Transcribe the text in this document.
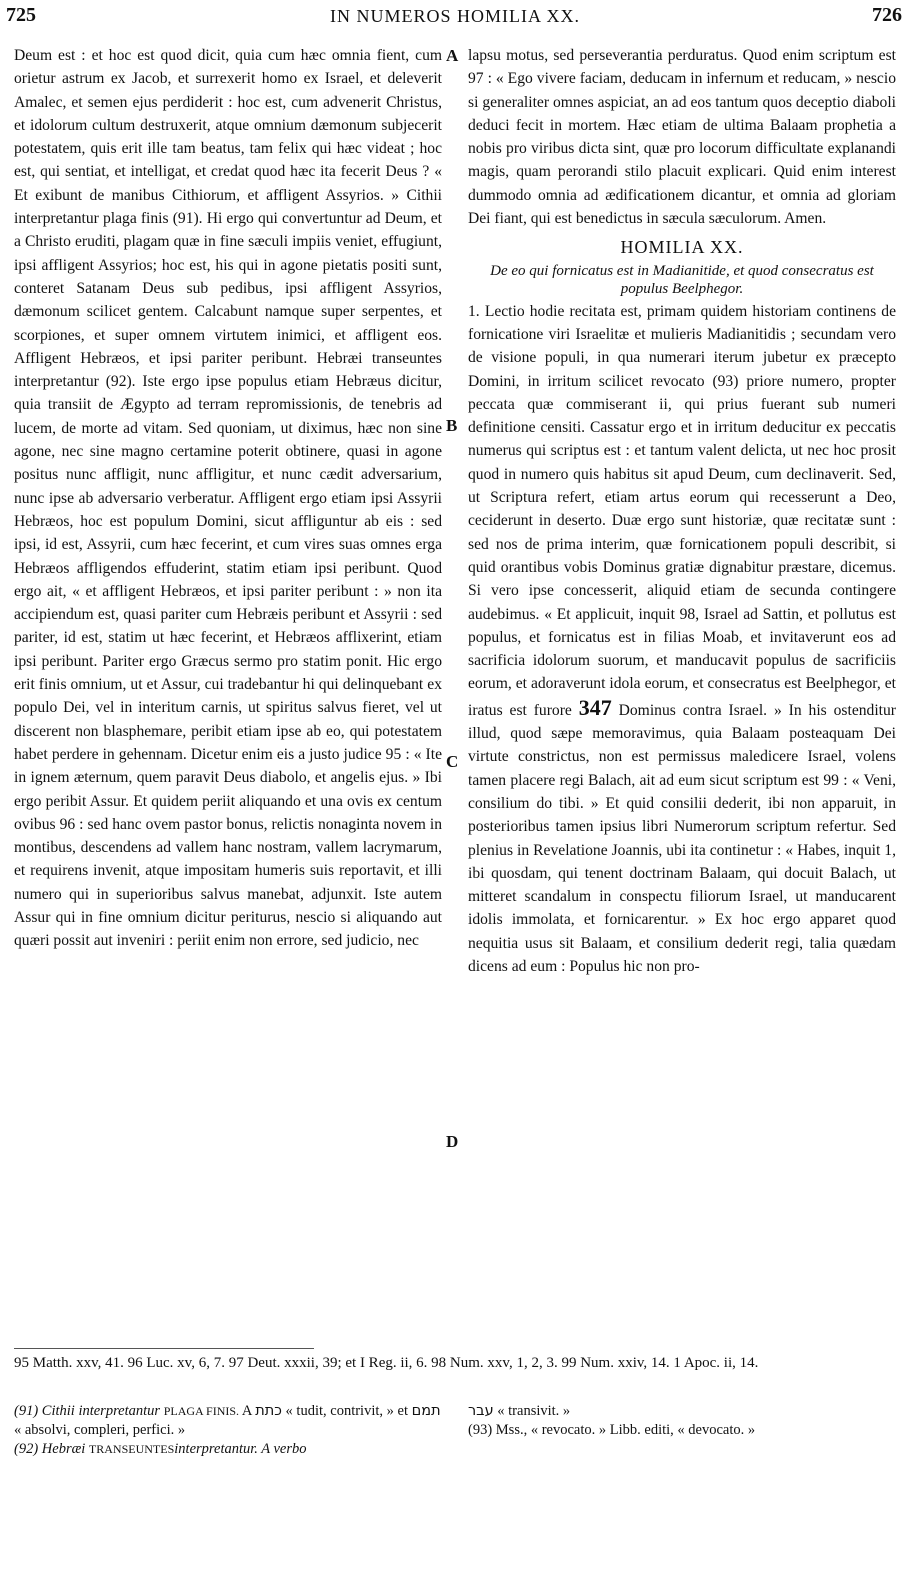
725	IN NUMEROS HOMILIA XX.	726

Deum est : et hoc est quod dicit, quia cum hæc omnia fient, cum orietur astrum ex Jacob, et surrexerit homo ex Israel, et deleverit Amalec, et semen ejus perdiderit : hoc est, cum advenerit Christus, et idolorum cultum destruxerit, atque omnium dæmonum subjecerit potestatem, quis erit ille tam beatus, tam felix qui hæc videat ; hoc est, qui sentiat, et intelligat, et credat quod hæc ita fecerit Deus ? « Et exibunt de manibus Cithiorum, et affligent Assyrios. » Cithii interpretantur plaga finis (91). Hi ergo qui convertuntur ad Deum, et a Christo eruditi, plagam quæ in fine sæculi impiis veniet, effugiunt, ipsi affligent Assyrios; hoc est, his qui in agone pietatis positi sunt, conteret Satanam Deus sub pedibus, ipsi affligent Assyrios, dæmonum scilicet gentem. Calcabunt namque super serpentes, et scorpiones, et super omnem virtutem inimici, et affligent eos. Affligent Hebræos, et ipsi pariter peribunt. Hebræi transeuntes interpretantur (92). Iste ergo ipse populus etiam Hebræus dicitur, quia transiit de Ægypto ad terram repromissionis, de tenebris ad lucem, de morte ad vitam. Sed quoniam, ut diximus, hæc non sine agone, nec sine magno certamine poterit obtinere, quasi in agone positus nunc affligit, nunc affligitur, et nunc cædit adversarium, nunc ipse ab adversario verberatur. Affligent ergo etiam ipsi Assyrii Hebræos, hoc est populum Domini, sicut affliguntur ab eis : sed ipsi, id est, Assyrii, cum hæc fecerint, et cum vires suas omnes erga Hebræos affligendos effuderint, statim etiam ipsi peribunt. Quod ergo ait, « et affligent Hebræos, et ipsi pariter peribunt : » non ita accipiendum est, quasi pariter cum Hebræis peribunt et Assyrii : sed pariter, id est, statim ut hæc fecerint, et Hebræos afflixerint, etiam ipsi peribunt. Pariter ergo Græcus sermo pro statim ponit. Hic ergo erit finis omnium, ut et Assur, cui tradebantur hi qui delinquebant ex populo Dei, vel in interitum carnis, ut spiritus salvus fieret, vel ut discerent non blasphemare, peribit etiam ipse ab eo, qui potestatem habet perdere in gehennam. Dicetur enim eis a justo judice 95 : « Ite in ignem æternum, quem paravit Deus diabolo, et angelis ejus. » Ibi ergo peribit Assur. Et quidem periit aliquando et una ovis ex centum ovibus 96 : sed hanc ovem pastor bonus, relictis nonaginta novem in montibus, descendens ad vallem hanc nostram, vallem lacrymarum, et requirens invenit, atque impositam humeris suis reportavit, et illi numero qui in superioribus salvus manebat, adjunxit. Iste autem Assur qui in fine omnium dicitur periturus, nescio si aliquando aut quæri possit aut inveniri : periit enim non errore, sed judicio, nec

A
B
C
D

lapsu motus, sed perseverantia perduratus. Quod enim scriptum est 97 : « Ego vivere faciam, deducam in infernum et reducam, » nescio si generaliter omnes aspiciat, an ad eos tantum quos deceptio diaboli deduci fecit in mortem. Hæc etiam de ultima Balaam prophetia a nobis pro viribus dicta sint, quæ pro locorum difficultate explanandi magis, quam perorandi stilo placuit explicari. Quid enim interest dummodo omnia ad ædificationem dicantur, et omnia ad gloriam Dei fiant, qui est benedictus in sæcula sæculorum. Amen.

HOMILIA XX.
De eo qui fornicatus est in Madianitide, et quod consecratus est populus Beelphegor.

1. Lectio hodie recitata est, primam quidem historiam continens de fornicatione viri Israelitæ et mulieris Madianitidis ; secundam vero de visione populi, in qua numerari iterum jubetur ex præcepto Domini, in irritum scilicet revocato (93) priore numero, propter peccata quæ commiserant ii, qui prius fuerant sub numeri definitione censiti. Cassatur ergo et in irritum deducitur ex peccatis numerus qui scriptus est : et tantum valent delicta, ut nec hoc prosit quod in numero quis habitus sit apud Deum, cum declinaverit. Sed, ut Scriptura refert, etiam artus eorum qui recesserunt a Deo, ceciderunt in deserto. Duæ ergo sunt historiæ, quæ recitatæ sunt : sed nos de prima interim, quæ fornicationem populi describit, si quid orantibus vobis Dominus gratiæ dignabitur præstare, dicemus. Si vero ipse concesserit, aliquid etiam de secunda contingere audebimus. « Et applicuit, inquit 98, Israel ad Sattin, et pollutus est populus, et fornicatus est in filias Moab, et invitaverunt eos ad sacrificia idolorum suorum, et manducavit populus de sacrificiis eorum, et adoraverunt idola eorum, et consecratus est Beelphegor, et iratus est furore 347 Dominus contra Israel. » In his ostenditur illud, quod sæpe memoravimus, quia Balaam posteaquam Dei virtute constrictus, non est permissus maledicere Israel, volens tamen placere regi Balach, ait ad eum sicut scriptum est 99 : « Veni, consilium do tibi. » Et quid consilii dederit, ibi non apparuit, in posterioribus tamen ipsius libri Numerorum scriptum refertur. Sed plenius in Revelatione Joannis, ubi ita continetur : « Habes, inquit 1, ibi quosdam, qui tenent doctrinam Balaam, qui docuit Balach, ut mitteret scandalum in conspectu filiorum Israel, ut manducarent idolis immolata, et fornicarentur. » Ex hoc ergo apparet quod nequitia usus sit Balaam, et consilium dederit regi, talia quædam dicens ad eum : Populus hic non pro-

95 Matth. xxv, 41. 96 Luc. xv, 6, 7. 97 Deut. xxxii, 39; et I Reg. ii, 6. 98 Num. xxv, 1, 2, 3. 99 Num. xxiv, 14. 1 Apoc. ii, 14.

(91) Cithii interpretantur PLAGA FINIS. A כתת « tudit, contrivit, » et תמם « absolvi, compleri, perfici. »

(92) Hebræi TRANSEUNTESinterpretantur. A verbo

עבר « transivit. »

(93) Mss., « revocato. » Libb. editi, « devocato. »
